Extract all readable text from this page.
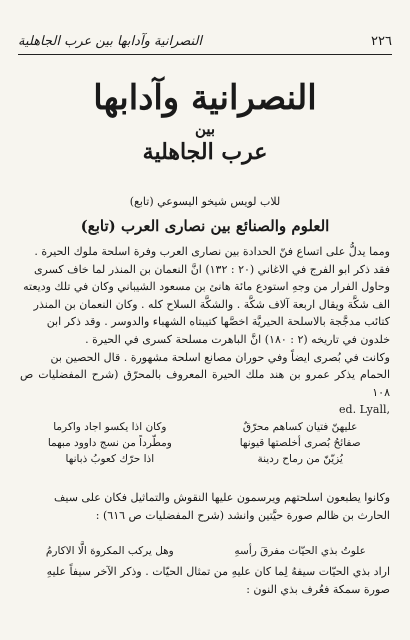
٢٢٦
النصرانية وآدابها بين عرب الجاهلية
النصرانية وآدابها
بين
عرب الجاهلية
للاب لويس شيخو اليسوعي (تابع)
العلوم والصنائع بين نصارى العرب (تابع)

ومما يدلُّ على اتساع فنّ الحدادة بين نصارى العرب وفرة اسلحة ملوك الحيرة .

فقد ذكر ابو الفرج في الاغاني (٢٠ : ١٣٢) انَّ النعمان بن المنذر لما خاف كسرى

وحاول الفرار من وجهِ استودع مائة هانئ بن مسعود الشيباني وكان في تلك وديعته

الف شكَّة ويقال اربعة آلاف شكَّة . والشكَّة السلاح كله . وكان النعمان بن المنذر

كتائب مدجَّجة بالاسلحة الحيريَّة اخصَّها كتيبتاه الشهباء والدوسر . وقد ذكر ابن

خلدون في تاريخه (٢ : ١٨٠) انَّ الباهرت مسلحة كسرى في الحيرة .

وكانت في بُصرى ايضاً وفي حوران مصانع اسلحة مشهورة . قال الحصين بن

الحمام يذكر عمرو بن هند ملك الحيرة المعروف بالمحرّق (شرح المفضليات ص ١٠٨

ed. Lyall,

عليهنّ فتيان كساهم محرّقٌ
وكان اذا يكسو اجاد واكرما
صفائحُ بُصرى أخلصتها قيونها
ومطّرداً من نسج داوود مبهما
يُزيّنّ من رماح ردينة
اذا حرّك كعوبُ ذبانها

وكانوا يطبعون اسلحتهم ويرسمون عليها النقوش والتماثيل فكان على سيف

الحارث بن ظالم صورة حيَّتين وانشد (شرح المفضليات ص ٦١٦) :

علوتُ بذي الحيّات مفرقَ رأسهِ
وهل يركب المكروهَ الَّا الاكارمُ

اراد بذي الحيّات سيفهُ لِما كان عليهِ من تمثال الحيّات . وذكر الآخر سيفاً عليهِ

صورة سمكة فعُرف بذي النون :
